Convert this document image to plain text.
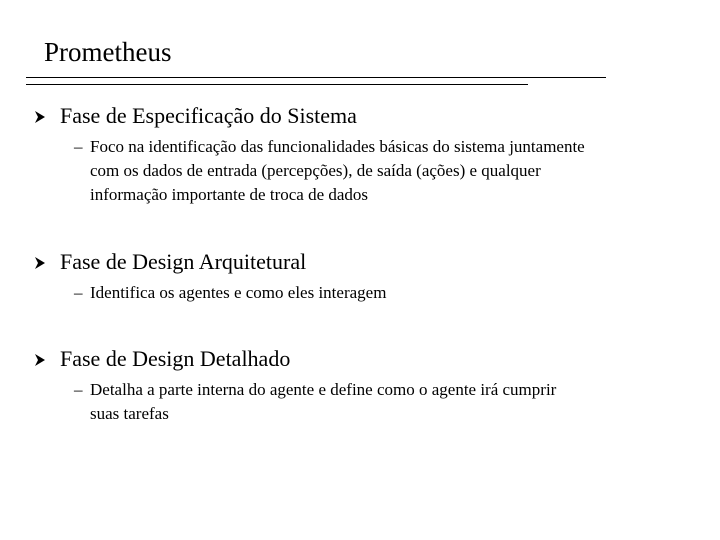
Prometheus
Fase de Especificação do Sistema
– Foco na identificação das funcionalidades básicas do sistema juntamente
com os dados de entrada (percepções), de saída (ações) e qualquer
informação importante de troca de dados
Fase de Design Arquitetural
– Identifica os agentes e como eles interagem
Fase de Design Detalhado
– Detalha a parte interna do agente e define como o agente irá cumprir
suas tarefas
